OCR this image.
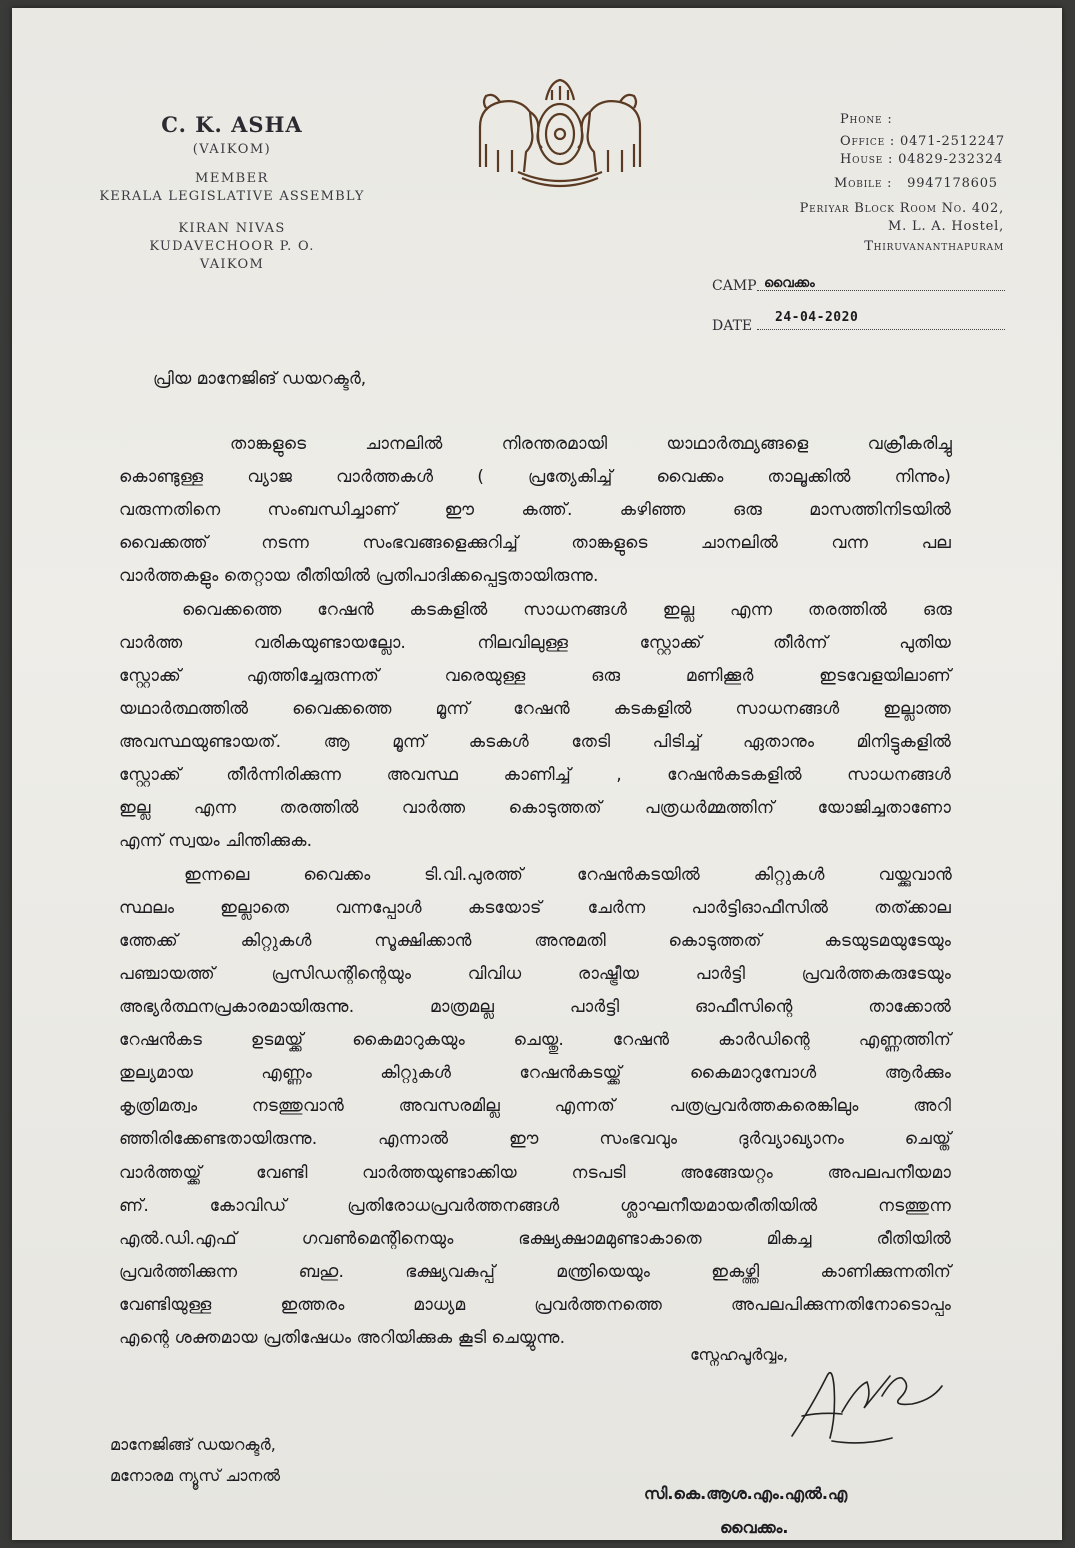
C. K. ASHA
(VAIKOM)
MEMBER
KERALA LEGISLATIVE ASSEMBLY
KIRAN NIVAS
KUDAVECHOOR P. O.
VAIKOM
Phone :
Office : 0471-2512247
House : 04829-232324
Mobile : 9947178605
Periyar Block Room No. 402,
M. L. A. Hostel,
Thiruvananthapuram
CAMP വൈക്കം
DATE
24-04-2020
പ്രിയ മാനേജിങ് ഡയറക്ടർ,
താങ്കളുടെ ചാനലിൽ നിരന്തരമായി യാഥാർത്ഥ്യങ്ങളെ വക്രീകരിച്ചു
കൊണ്ടുള്ള വ്യാജ വാർത്തകൾ ( പ്രത്യേകിച്ച് വൈക്കം താലൂക്കിൽ നിന്നും)
വരുന്നതിനെ സംബന്ധിച്ചാണ് ഈ കത്ത്. കഴിഞ്ഞ ഒരു മാസത്തിനിടയിൽ
വൈക്കത്ത് നടന്ന സംഭവങ്ങളെക്കുറിച്ച് താങ്കളുടെ ചാനലിൽ വന്ന പല
വാർത്തകളും തെറ്റായ രീതിയിൽ പ്രതിപാദിക്കപ്പെട്ടതായിരുന്നു.
വൈക്കത്തെ റേഷൻ കടകളിൽ സാധനങ്ങൾ ഇല്ല എന്ന തരത്തിൽ ഒരു
വാർത്ത വരികയുണ്ടായല്ലോ. നിലവിലുള്ള സ്റ്റോക്ക് തീർന്ന് പുതിയ
സ്റ്റോക്ക് എത്തിച്ചേരുന്നത് വരെയുള്ള ഒരു മണിക്കൂർ ഇടവേളയിലാണ്
യഥാർത്ഥത്തിൽ വൈക്കത്തെ മൂന്ന് റേഷൻ കടകളിൽ സാധനങ്ങൾ ഇല്ലാത്ത
അവസ്ഥയുണ്ടായത്. ആ മൂന്ന് കടകൾ തേടി പിടിച്ച് ഏതാനും മിനിട്ടുകളിൽ
സ്റ്റോക്ക് തീർന്നിരിക്കുന്ന അവസ്ഥ കാണിച്ച് , റേഷൻകടകളിൽ സാധനങ്ങൾ
ഇല്ല എന്ന തരത്തിൽ വാർത്ത കൊടുത്തത് പത്രധർമ്മത്തിന് യോജിച്ചതാണോ
എന്ന് സ്വയം ചിന്തിക്കുക.
ഇന്നലെ വൈക്കം ടി.വി.പുരത്ത് റേഷൻകടയിൽ കിറ്റുകൾ വയ്ക്കുവാൻ
സ്ഥലം ഇല്ലാതെ വന്നപ്പോൾ കടയോട് ചേർന്ന പാർട്ടിഓഫീസിൽ തത്ക്കാല
ത്തേക്ക് കിറ്റുകൾ സൂക്ഷിക്കാൻ അനുമതി കൊടുത്തത് കടയുടമയുടേയും
പഞ്ചായത്ത് പ്രസിഡന്റിന്റെയും വിവിധ രാഷ്ട്രീയ പാർട്ടി പ്രവർത്തകരുടേയും
അഭ്യർത്ഥനപ്രകാരമായിരുന്നു. മാത്രമല്ല പാർട്ടി ഓഫീസിന്റെ താക്കോൽ
റേഷൻകട ഉടമയ്ക്ക് കൈമാറുകയും ചെയ്തു. റേഷൻ കാർഡിന്റെ എണ്ണത്തിന്
തുല്യമായ എണ്ണം കിറ്റുകൾ റേഷൻകടയ്ക്ക് കൈമാറുമ്പോൾ ആർക്കും
കൃത്രിമത്വം നടത്തുവാൻ അവസരമില്ല എന്നത് പത്രപ്രവർത്തകരെങ്കിലും അറി
ഞ്ഞിരിക്കേണ്ടതായിരുന്നു. എന്നാൽ ഈ സംഭവവും ദുർവ്യാഖ്യാനം ചെയ്ത്
വാർത്തയ്ക്ക് വേണ്ടി വാർത്തയുണ്ടാക്കിയ നടപടി അങ്ങേയറ്റം അപലപനീയമാ
ണ്. കോവിഡ് പ്രതിരോധപ്രവർത്തനങ്ങൾ ശ്ലാഘനീയമായരീതിയിൽ നടത്തുന്ന
എൽ.ഡി.എഫ് ഗവൺമെന്റിനെയും ഭക്ഷ്യക്ഷാമമുണ്ടാകാതെ മികച്ച രീതിയിൽ
പ്രവർത്തിക്കുന്ന ബഹു. ഭക്ഷ്യവകുപ്പ് മന്ത്രിയെയും ഇകഴ്ത്തി കാണിക്കുന്നതിന്
വേണ്ടിയുള്ള ഇത്തരം മാധ്യമ പ്രവർത്തനത്തെ അപലപിക്കുന്നതിനോടൊപ്പം
എന്റെ ശക്തമായ പ്രതിഷേധം അറിയിക്കുക കൂടി ചെയ്യുന്നു.
സ്നേഹപൂർവ്വം,
മാനേജിങ്ങ് ഡയറക്ടർ,
മനോരമ ന്യൂസ് ചാനൽ
സി.കെ.ആശ.എം.എൽ.എ
വൈക്കം.
